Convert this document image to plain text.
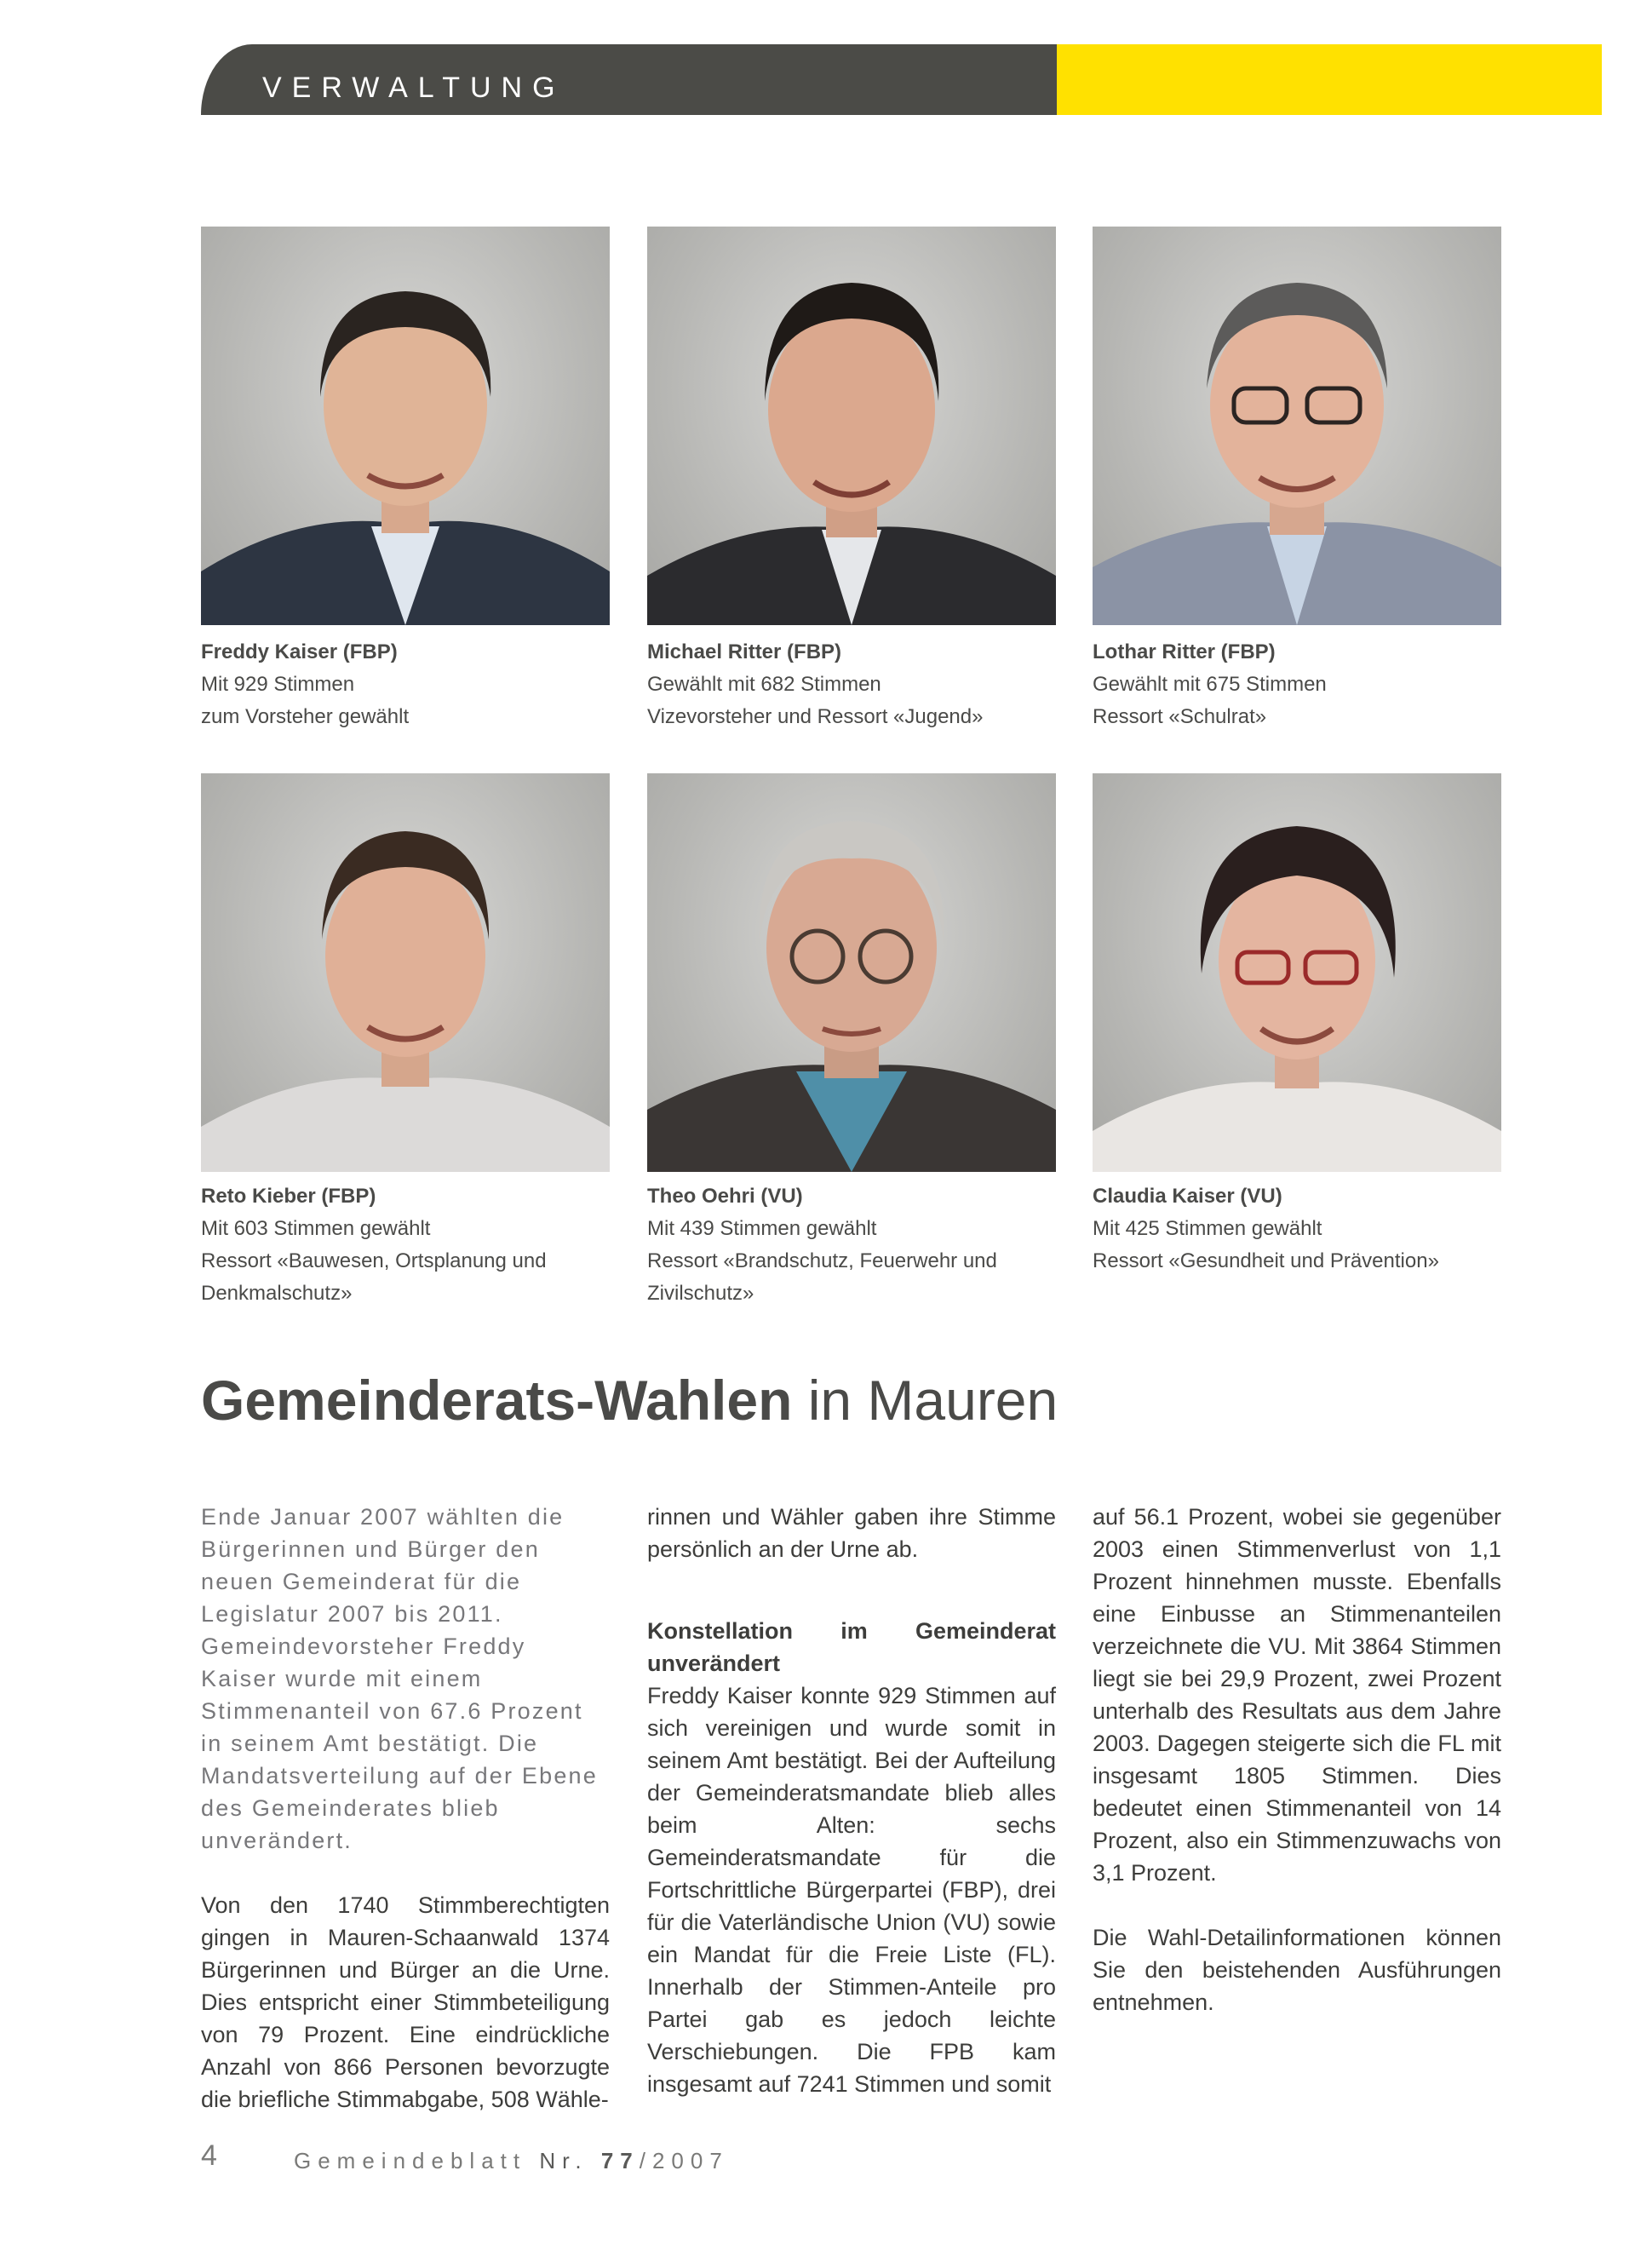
VERWALTUNG
Freddy Kaiser (FBP)
Mit 929 Stimmen
zum Vorsteher gewählt
Michael Ritter (FBP)
Gewählt mit 682 Stimmen
Vizevorsteher und Ressort «Jugend»
Lothar Ritter (FBP)
Gewählt mit 675 Stimmen
Ressort «Schulrat»
Reto Kieber (FBP)
Mit 603 Stimmen gewählt
Ressort «Bauwesen, Ortsplanung und
Denkmalschutz»
Theo Oehri (VU)
Mit 439 Stimmen gewählt
Ressort «Brandschutz, Feuerwehr und
Zivilschutz»
Claudia Kaiser (VU)
Mit 425 Stimmen gewählt
Ressort «Gesundheit und Prävention»
Gemeinderats-Wahlen in Mauren

Ende Januar 2007 wählten die Bürgerinnen und Bürger den neuen Gemeinderat für die Legislatur 2007 bis 2011. Gemeindevorsteher Freddy Kaiser wurde mit einem Stimmenanteil von 67.6 Prozent in seinem Amt bestätigt. Die Mandatsverteilung auf der Ebene des Gemeinderates blieb unverändert.

Von den 1740 Stimmberechtigten gingen in Mauren-Schaanwald 1374 Bürgerinnen und Bürger an die Urne. Dies entspricht einer Stimmbeteiligung von 79 Prozent. Eine eindrückliche Anzahl von 866 Personen bevorzugte die briefliche Stimmabgabe, 508 Wähle-

rinnen und Wähler gaben ihre Stimme persönlich an der Urne ab.

Konstellation im Gemeinderat unverändert

Freddy Kaiser konnte 929 Stimmen auf sich vereinigen und wurde somit in seinem Amt bestätigt. Bei der Aufteilung der Gemeinderatsmandate blieb alles beim Alten: sechs Gemeinderatsmandate für die Fortschrittliche Bürgerpartei (FBP), drei für die Vaterländische Union (VU) sowie ein Mandat für die Freie Liste (FL). Innerhalb der Stimmen-Anteile pro Partei gab es jedoch leichte Verschiebungen. Die FPB kam insgesamt auf 7241 Stimmen und somit

auf 56.1 Prozent, wobei sie gegenüber 2003 einen Stimmenverlust von 1,1 Prozent hinnehmen musste. Ebenfalls eine Einbusse an Stimmenanteilen verzeichnete die VU. Mit 3864 Stimmen liegt sie bei 29,9 Prozent, zwei Prozent unterhalb des Resultats aus dem Jahre 2003. Dagegen steigerte sich die FL mit insgesamt 1805 Stimmen. Dies bedeutet einen Stimmenanteil von 14 Prozent, also ein Stimmenzuwachs von 3,1 Prozent.

Die Wahl-Detailinformationen können Sie den beistehenden Ausführungen entnehmen.

4	Gemeindeblatt Nr. 77/2007
